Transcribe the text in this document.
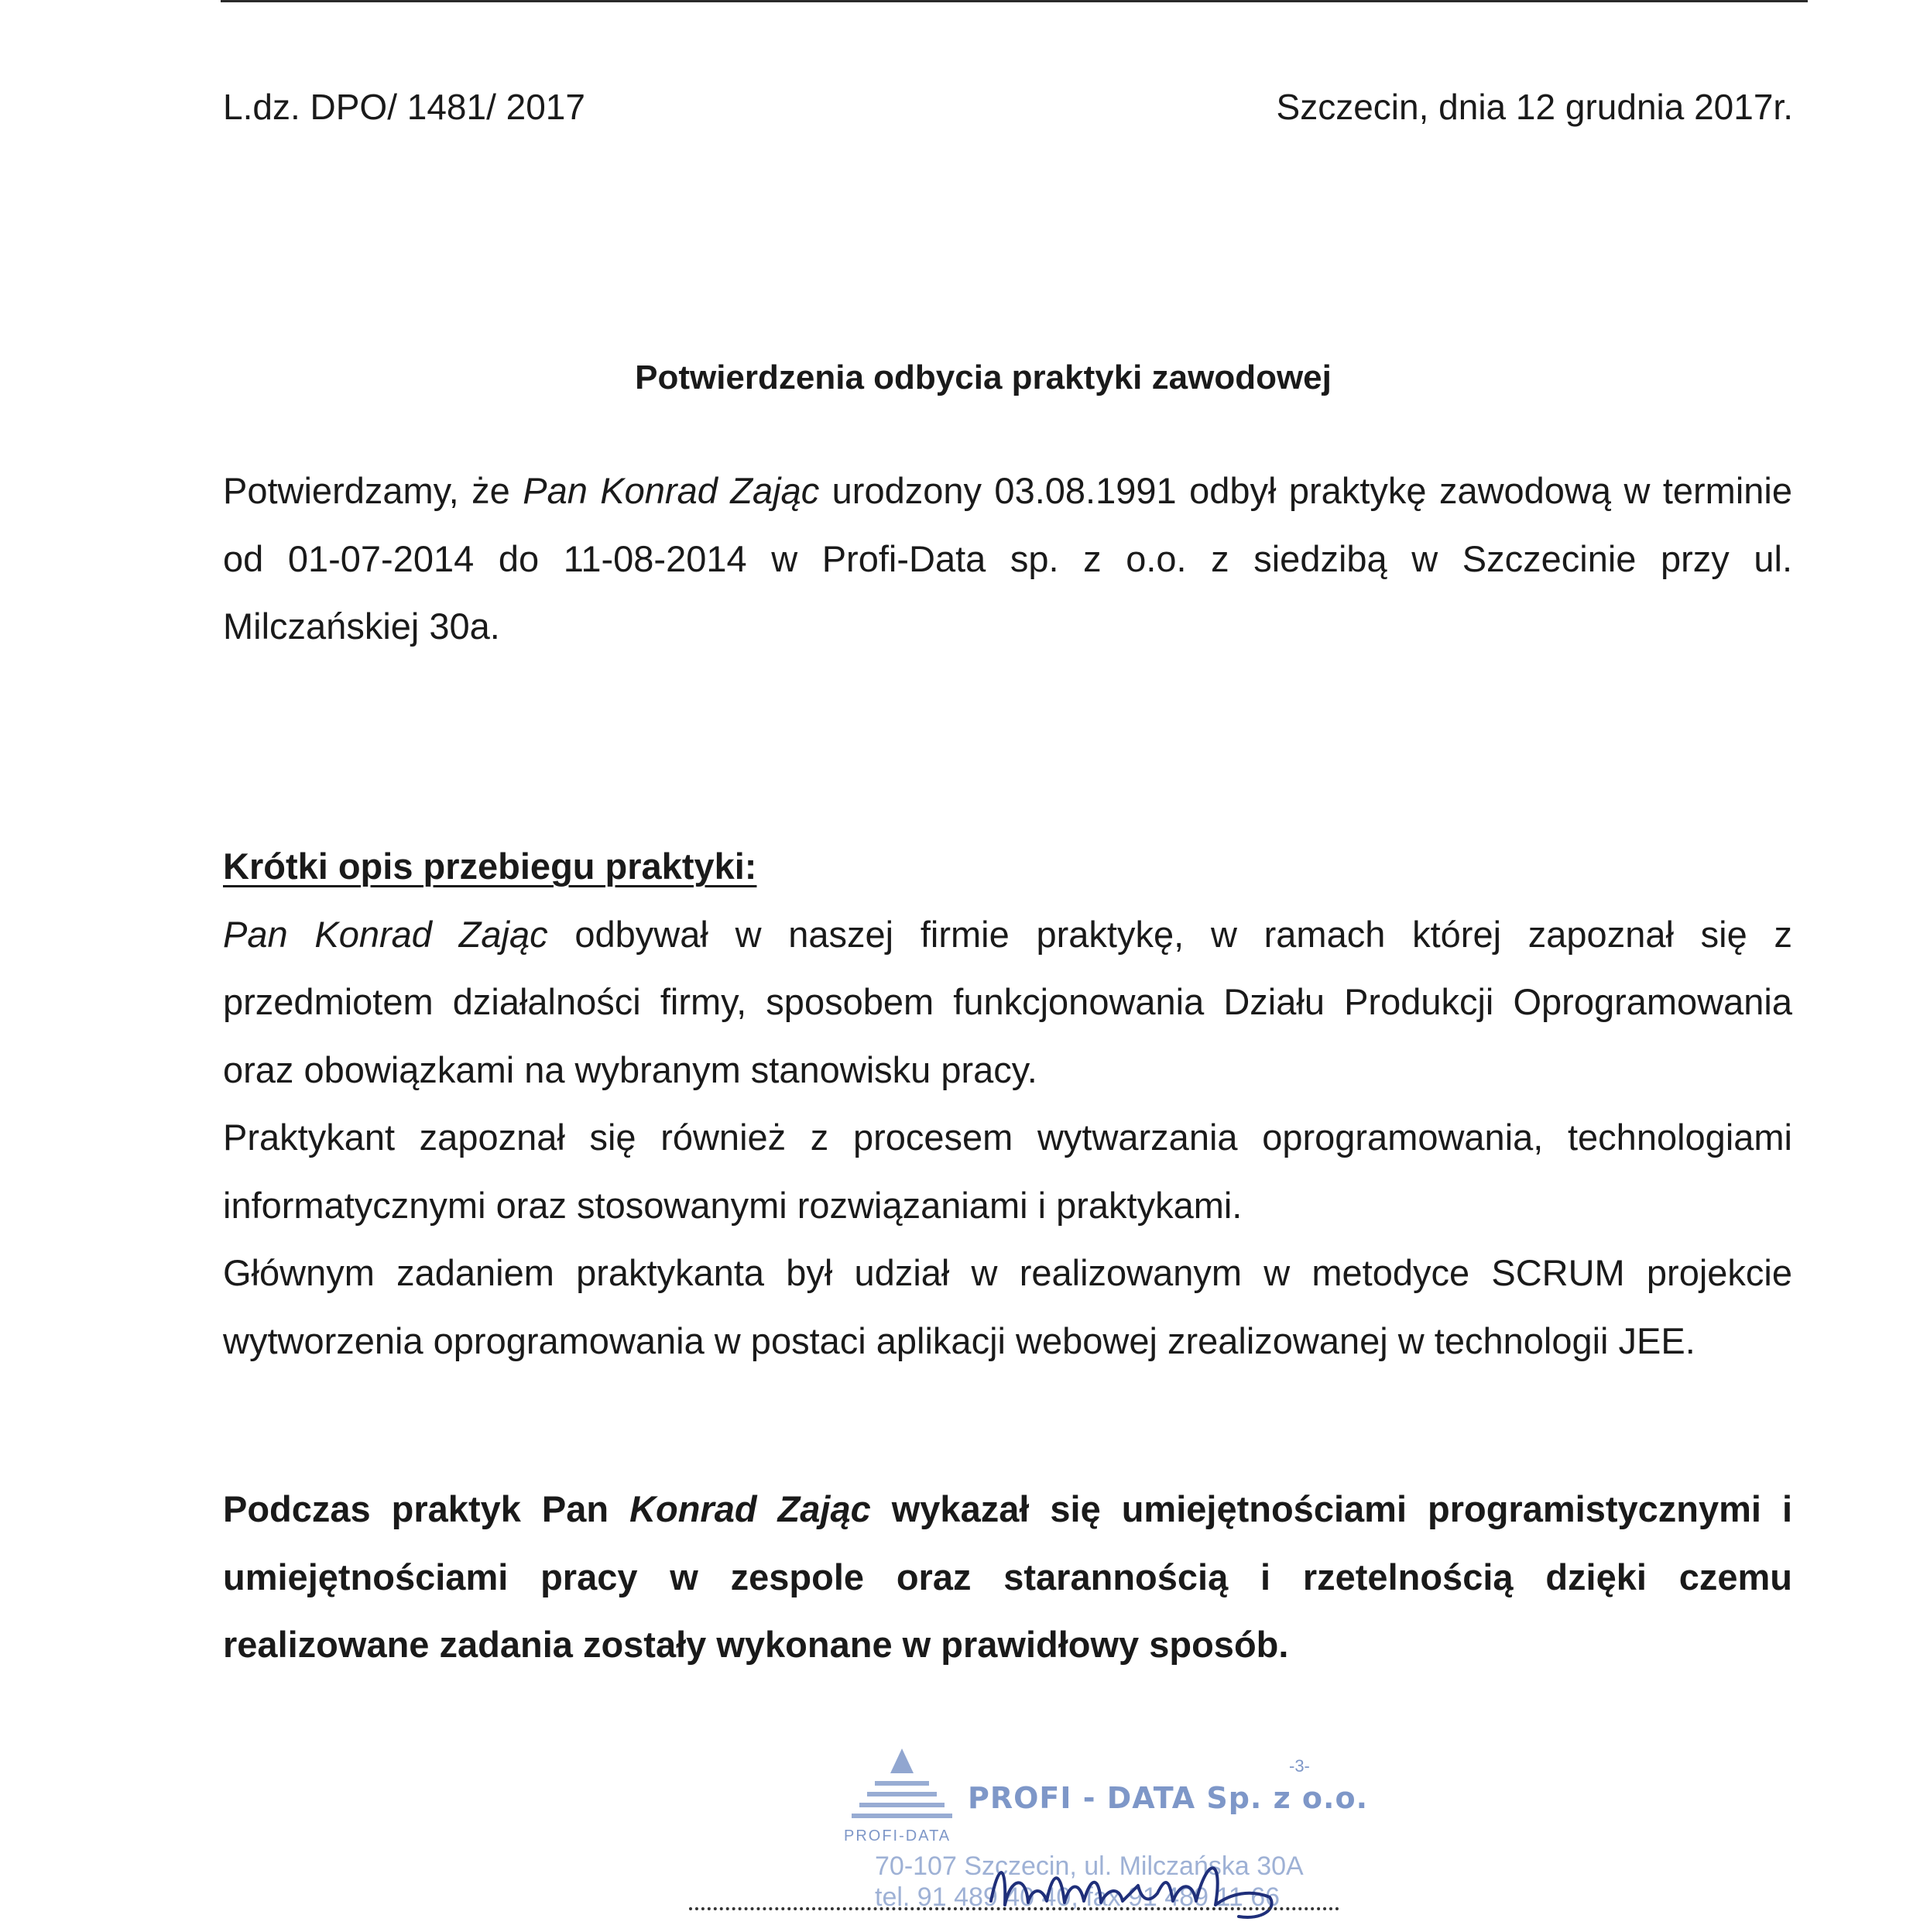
L.dz. DPO/ 1481/ 2017	Szczecin, dnia 12 grudnia 2017r.
Potwierdzenia odbycia praktyki zawodowej

Potwierdzamy, że Pan Konrad Zając urodzony 03.08.1991 odbył praktykę zawodową w terminie od 01-07-2014 do 11-08-2014 w Profi-Data sp. z o.o. z siedzibą w Szczecinie przy ul. Milczańskiej 30a.

Krótki opis przebiegu praktyki:

Pan Konrad Zając odbywał w naszej firmie praktykę, w ramach której zapoznał się z przedmiotem działalności firmy, sposobem funkcjonowania Działu Produkcji Oprogramowania oraz obowiązkami na wybranym stanowisku pracy.

Praktykant zapoznał się również z procesem wytwarzania oprogramowania, technologiami informatycznymi oraz stosowanymi rozwiązaniami i praktykami.

Głównym zadaniem praktykanta był udział w realizowanym w metodyce SCRUM projekcie wytworzenia oprogramowania w postaci aplikacji webowej zrealizowanej w technologii JEE.

Podczas praktyk Pan Konrad Zając wykazał się umiejętnościami programistycznymi i umiejętnościami pracy w zespole oraz starannością i rzetelnością dzięki czemu realizowane zadania zostały wykonane w prawidłowy sposób.

PROFI-DATA
PROFI - DATA Sp. z o.o.
-3-
70-107 Szczecin, ul. Milczańska 30A
tel. 91 489 40 40, fax 91 489 11 66
